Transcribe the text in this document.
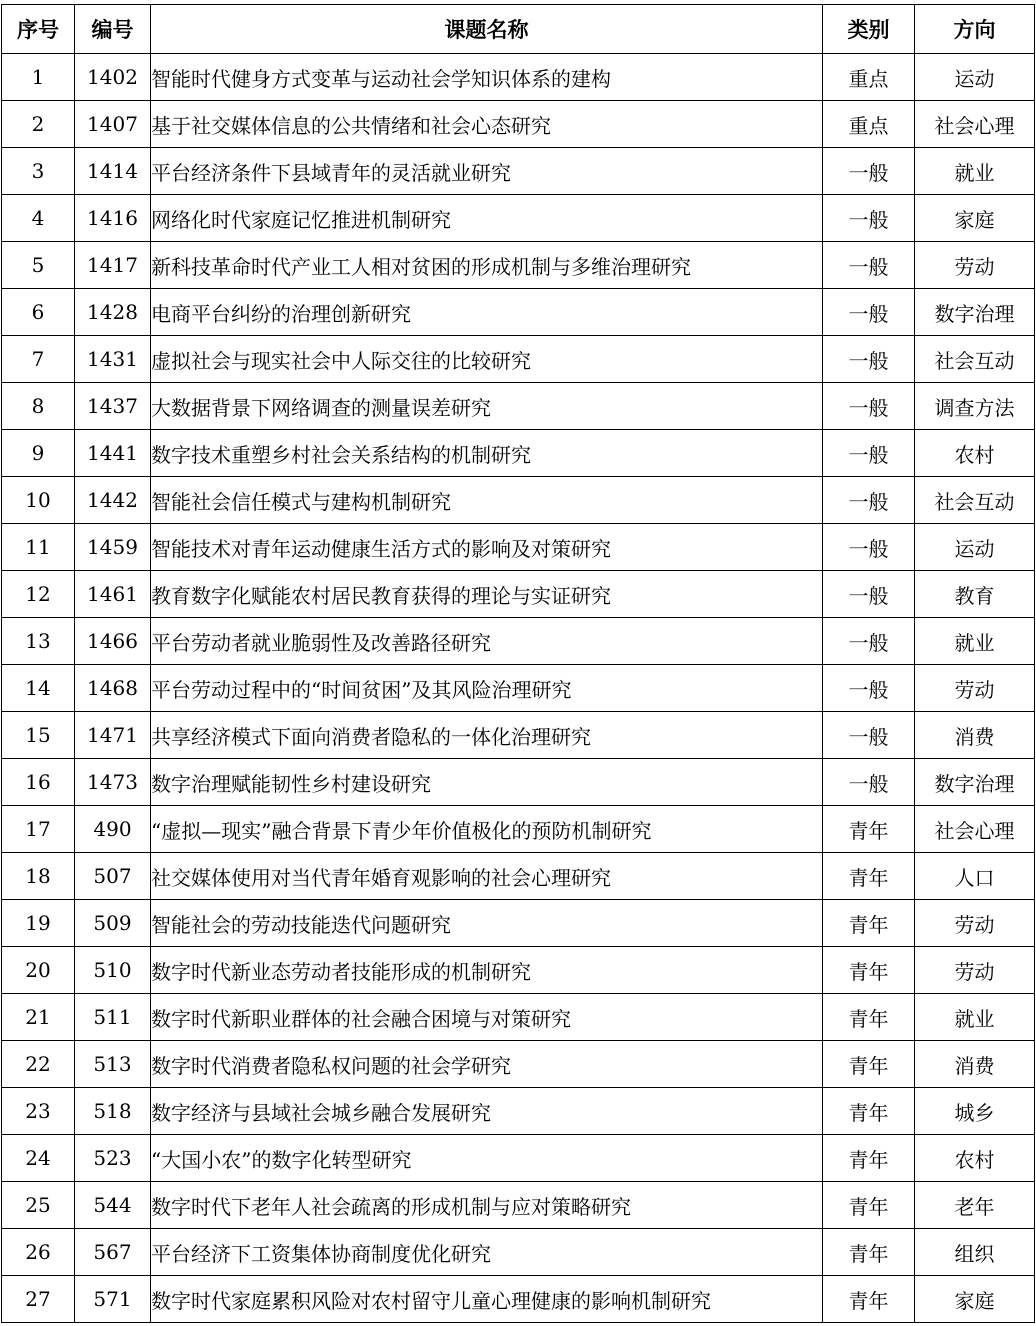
序号	编号	课题名称	类别	方向
1	1402	智能时代健身方式变革与运动社会学知识体系的建构	重点	运动
2	1407	基于社交媒体信息的公共情绪和社会心态研究	重点	社会心理
3	1414	平台经济条件下县域青年的灵活就业研究	一般	就业
4	1416	网络化时代家庭记忆推进机制研究	一般	家庭
5	1417	新科技革命时代产业工人相对贫困的形成机制与多维治理研究	一般	劳动
6	1428	电商平台纠纷的治理创新研究	一般	数字治理
7	1431	虚拟社会与现实社会中人际交往的比较研究	一般	社会互动
8	1437	大数据背景下网络调查的测量误差研究	一般	调查方法
9	1441	数字技术重塑乡村社会关系结构的机制研究	一般	农村
10	1442	智能社会信任模式与建构机制研究	一般	社会互动
11	1459	智能技术对青年运动健康生活方式的影响及对策研究	一般	运动
12	1461	教育数字化赋能农村居民教育获得的理论与实证研究	一般	教育
13	1466	平台劳动者就业脆弱性及改善路径研究	一般	就业
14	1468	平台劳动过程中的“时间贫困”及其风险治理研究	一般	劳动
15	1471	共享经济模式下面向消费者隐私的一体化治理研究	一般	消费
16	1473	数字治理赋能韧性乡村建设研究	一般	数字治理
17	490	“虚拟—现实”融合背景下青少年价值极化的预防机制研究	青年	社会心理
18	507	社交媒体使用对当代青年婚育观影响的社会心理研究	青年	人口
19	509	智能社会的劳动技能迭代问题研究	青年	劳动
20	510	数字时代新业态劳动者技能形成的机制研究	青年	劳动
21	511	数字时代新职业群体的社会融合困境与对策研究	青年	就业
22	513	数字时代消费者隐私权问题的社会学研究	青年	消费
23	518	数字经济与县域社会城乡融合发展研究	青年	城乡
24	523	“大国小农”的数字化转型研究	青年	农村
25	544	数字时代下老年人社会疏离的形成机制与应对策略研究	青年	老年
26	567	平台经济下工资集体协商制度优化研究	青年	组织
27	571	数字时代家庭累积风险对农村留守儿童心理健康的影响机制研究	青年	家庭
